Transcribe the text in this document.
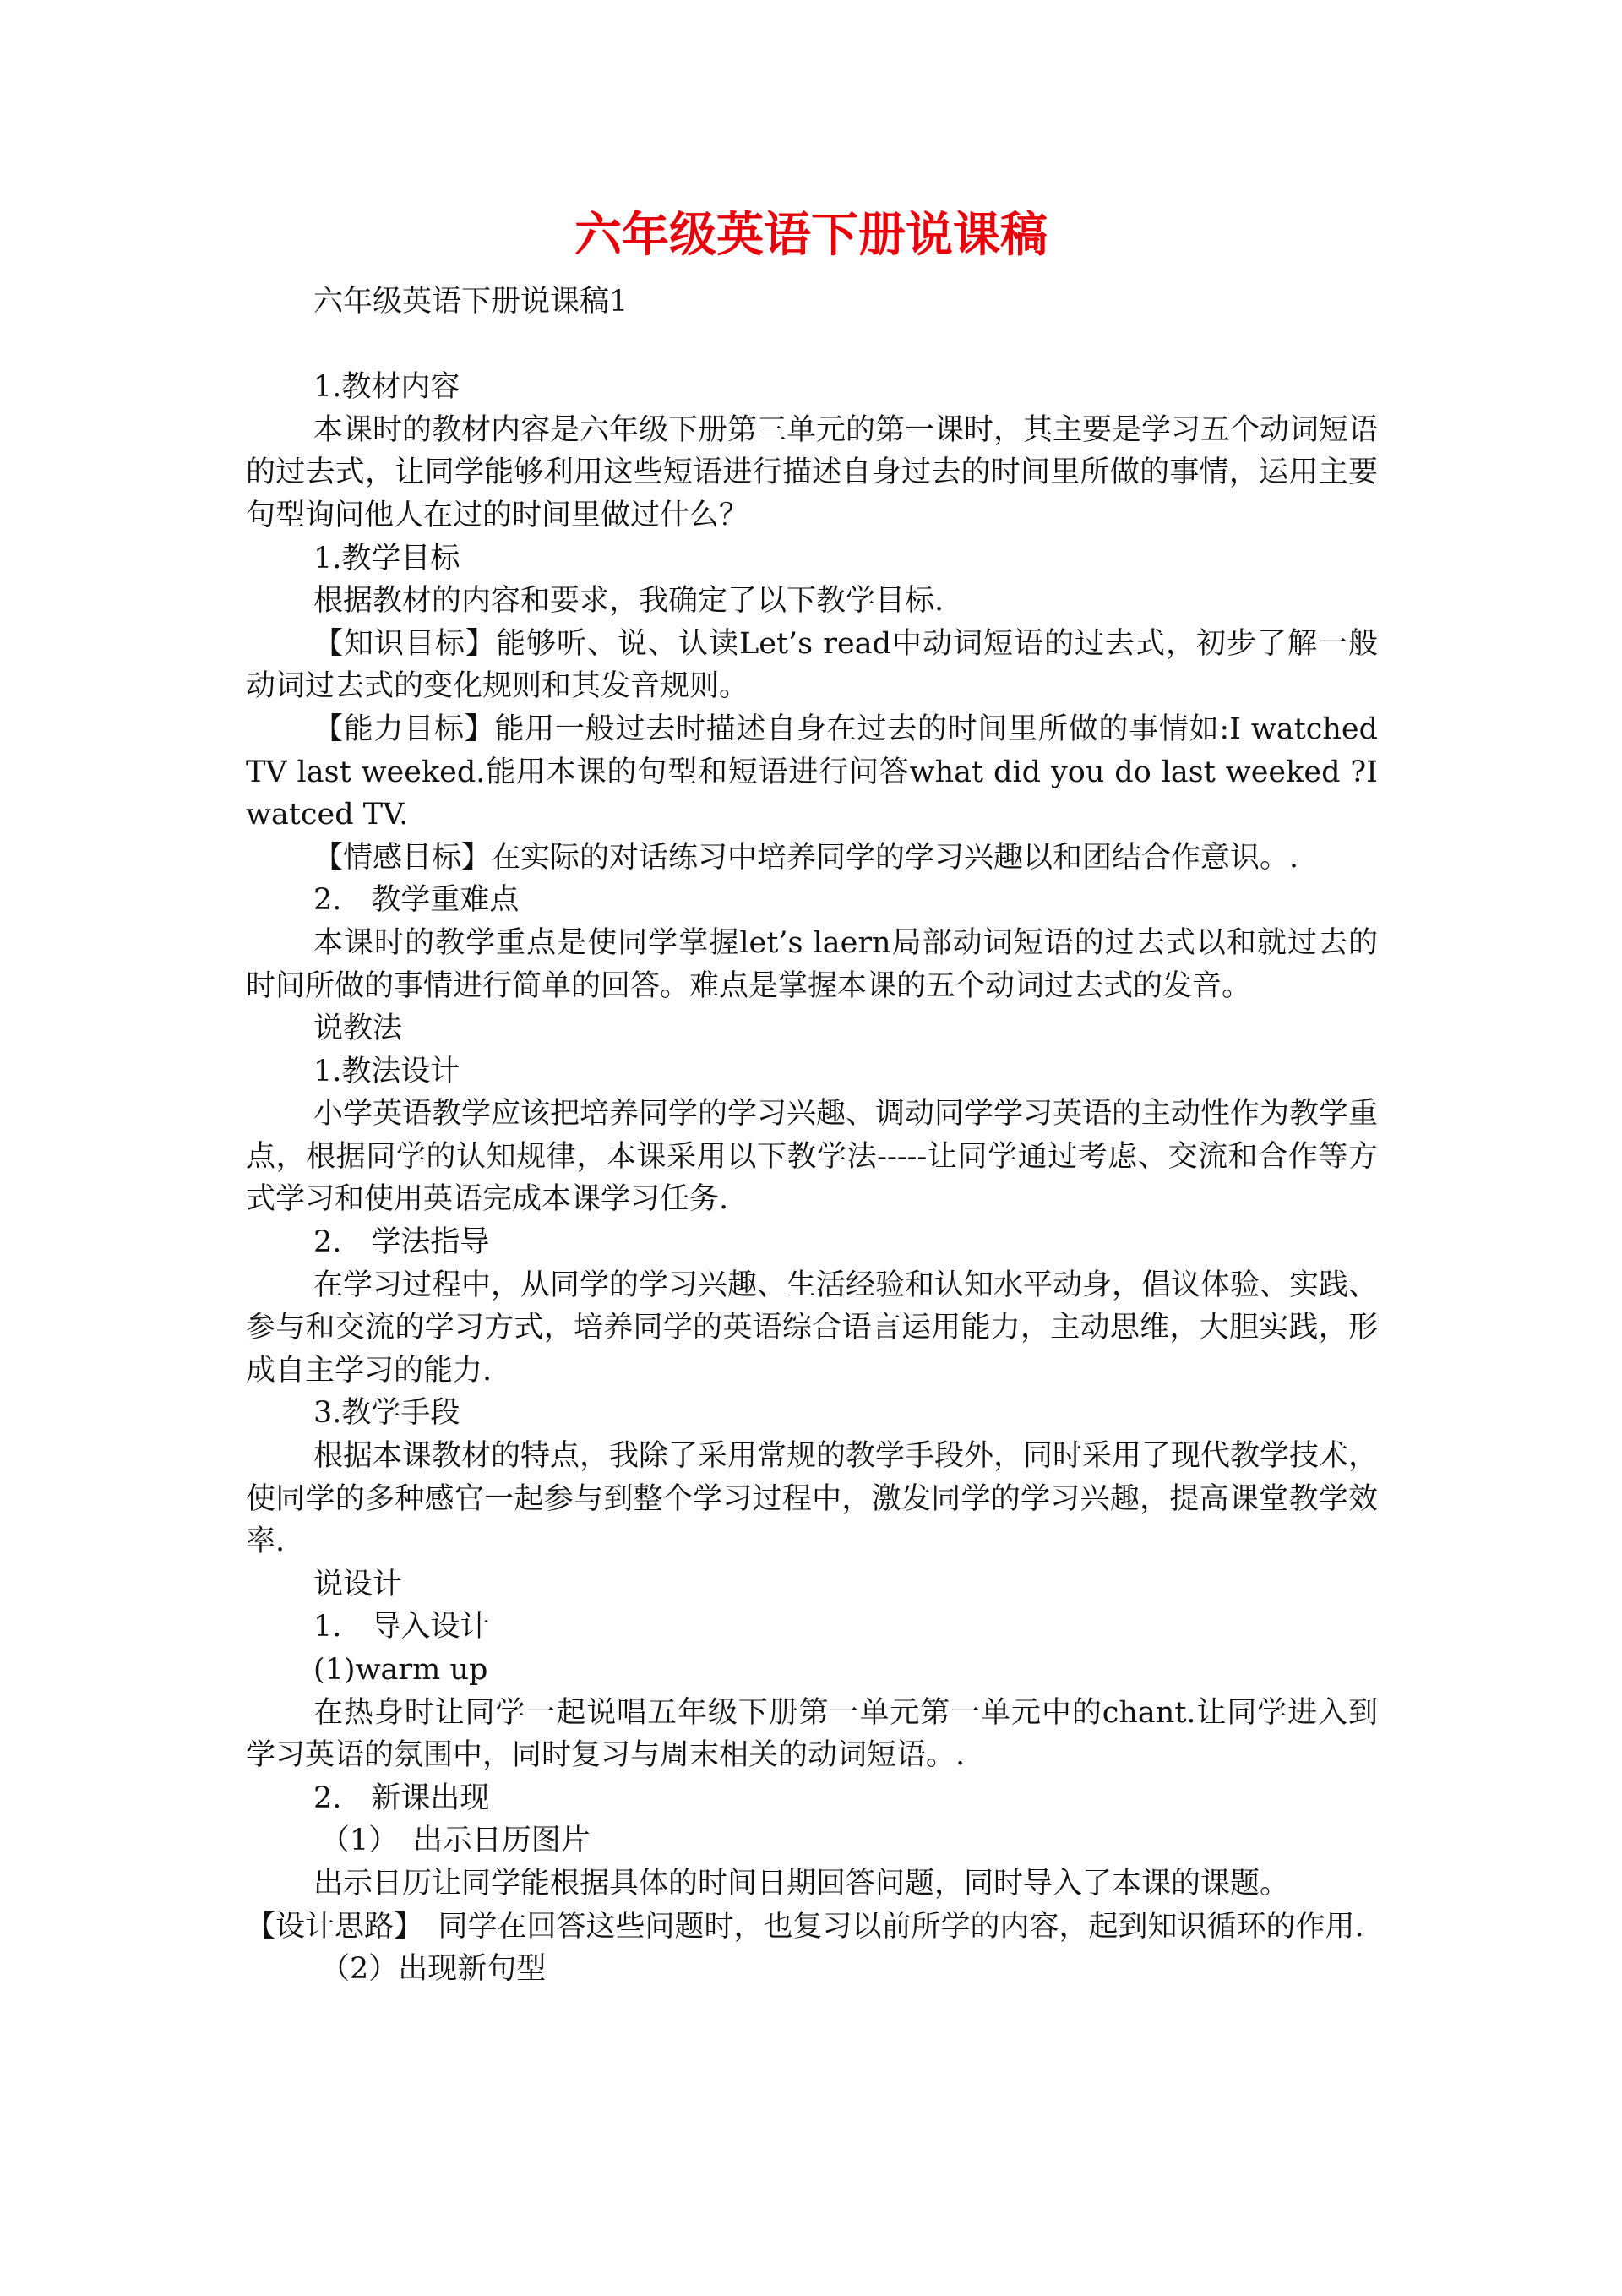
六年级英语下册说课稿

六年级英语下册说课稿1

1.教材内容

本课时的教材内容是六年级下册第三单元的第一课时，其主要是学习五个动词短语的过去式，让同学能够利用这些短语进行描述自身过去的时间里所做的事情，运用主要句型询问他人在过的时间里做过什么？

1.教学目标

根据教材的内容和要求，我确定了以下教学目标.

【知识目标】能够听、说、认读Let’s read中动词短语的过去式，初步了解一般动词过去式的变化规则和其发音规则。

【能力目标】能用一般过去时描述自身在过去的时间里所做的事情如:I watched TV last weeked.能用本课的句型和短语进行问答what did you do last weeked ?I watced TV.

【情感目标】在实际的对话练习中培养同学的学习兴趣以和团结合作意识。.

2.　教学重难点

本课时的教学重点是使同学掌握let’s laern局部动词短语的过去式以和就过去的时间所做的事情进行简单的回答。难点是掌握本课的五个动词过去式的发音。

说教法

1.教法设计

小学英语教学应该把培养同学的学习兴趣、调动同学学习英语的主动性作为教学重点，根据同学的认知规律，本课采用以下教学法-----让同学通过考虑、交流和合作等方式学习和使用英语完成本课学习任务.

2.　学法指导

在学习过程中，从同学的学习兴趣、生活经验和认知水平动身，倡议体验、实践、参与和交流的学习方式，培养同学的英语综合语言运用能力，主动思维，大胆实践，形成自主学习的能力.

3.教学手段

根据本课教材的特点，我除了采用常规的教学手段外，同时采用了现代教学技术，使同学的多种感官一起参与到整个学习过程中，激发同学的学习兴趣，提高课堂教学效率.

说设计

1.　导入设计

(1)warm up

在热身时让同学一起说唱五年级下册第一单元第一单元中的chant.让同学进入到学习英语的氛围中，同时复习与周末相关的动词短语。.

2.　新课出现

（1）　出示日历图片

出示日历让同学能根据具体的时间日期回答问题，同时导入了本课的课题。

【设计思路】　同学在回答这些问题时，也复习以前所学的内容，起到知识循环的作用.

（2）出现新句型
